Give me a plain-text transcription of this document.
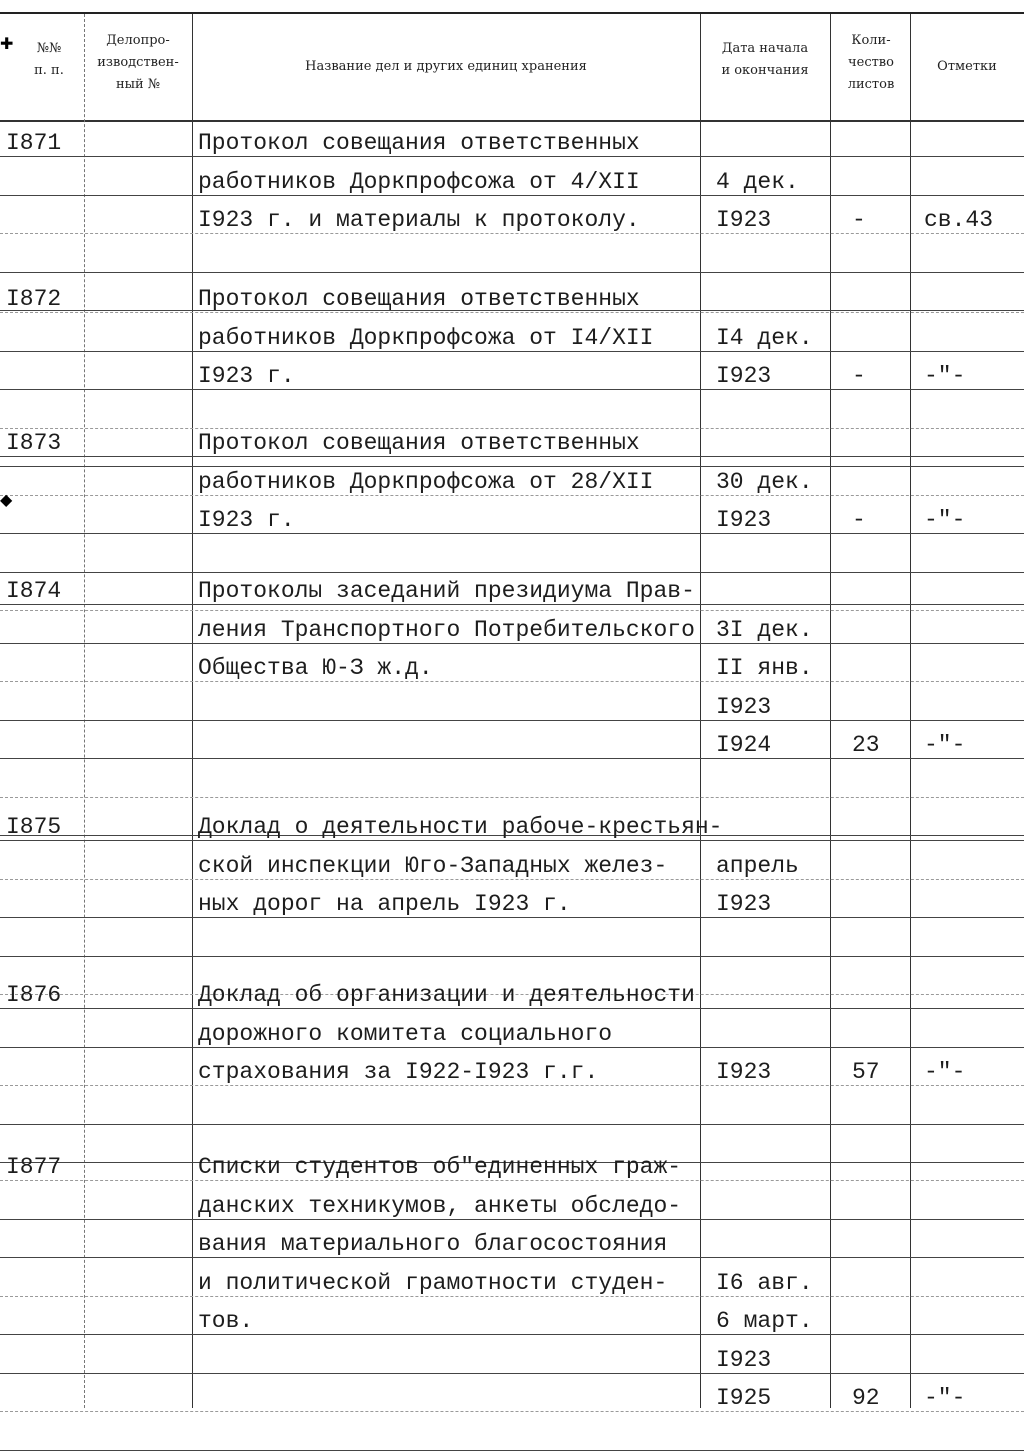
✚	№№
п. п.
Делопро-
изводствен-
ный №
Название дел и других единиц хранения
Дата начала
и окончания
Коли-
чество
листов
Отметки
I871	Протокол совещания ответственных
работников Доркпрофсожа от 4/XII
I923 г. и материалы к протоколу.
4 дек.
I923	-	св.43
I872	Протокол совещания ответственных
работников Доркпрофсожа от I4/XII
I923 г.
I4 дек.
I923	-	-"-
I873	Протокол совещания ответственных
работников Доркпрофсожа от 28/XII
I923 г.
30 дек.
I923	-	-"-
I874	Протоколы заседаний президиума Прав-
ления Транспортного Потребительского
Общества Ю-З ж.д.
3I дек.
II янв.
I923
I924	23 -"-
I875	Доклад о деятельности рабоче-крестьян-
ской инспекции Юго-Западных желез-
ных дорог на апрель I923 г.
апрель
I923
I876	Доклад об организации и деятельности
дорожного комитета социального
страхования за I922-I923 г.г.	I923	57 -"-
I877	Списки студентов об"единенных граж-
данских техникумов, анкеты обследо-
вания материального благосостояния
и политической грамотности студен-
тов.
I6 авг.
6 март.
I923
I925	92 -"-
◆
